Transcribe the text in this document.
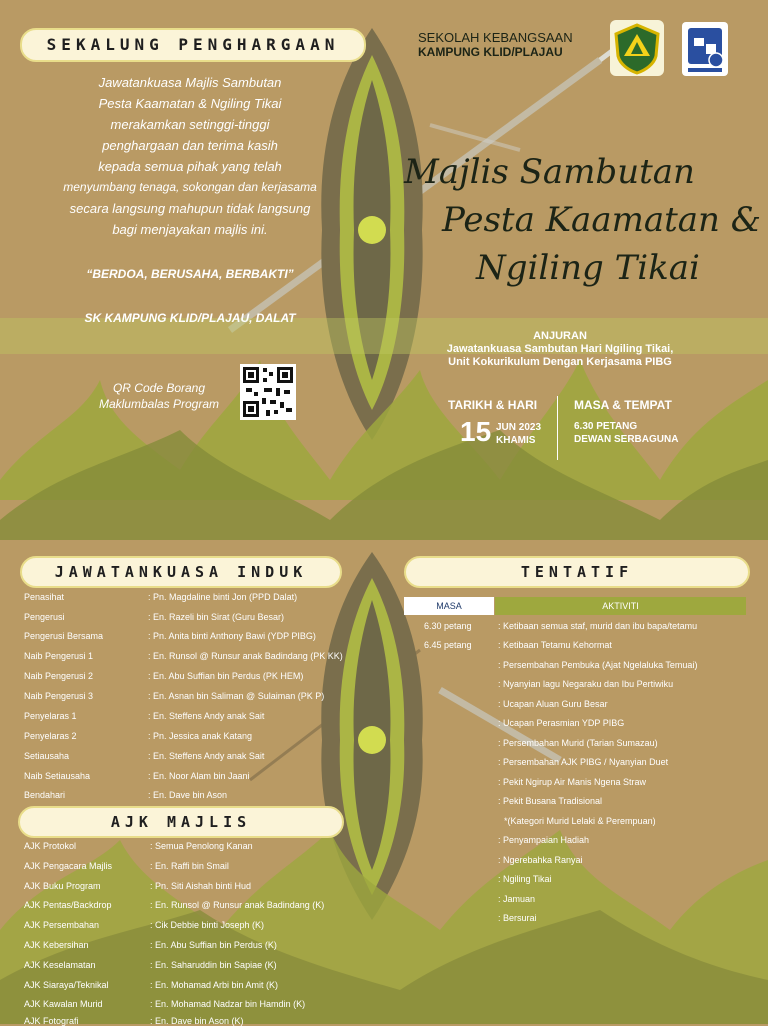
SEKALUNG PENGHARGAAN	SEKOLAH KEBANGSAAN
KAMPUNG KLID/PLAJAU
Jawatankuasa Majlis Sambutan
Pesta Kaamatan & Ngiling Tikai
merakamkan setinggi-tinggi
penghargaan dan terima kasih
kepada semua pihak yang telah
menyumbang tenaga, sokongan dan kerjasama
secara langsung mahupun tidak langsung
bagi menjayakan majlis ini.
“BERDOA, BERUSAHA, BERBAKTI”
SK KAMPUNG KLID/PLAJAU, DALAT
Majlis Sambutan
Pesta Kaamatan &
Ngiling Tikai
ANJURAN
Jawatankuasa Sambutan Hari Ngiling Tikai,
Unit Kokurikulum Dengan Kerjasama PIBG
QR Code Borang
Maklumbalas Program	TARIKH & HARI
15 JUN 2023
KHAMIS
MASA & TEMPAT
6.30 PETANG
DEWAN SERBAGUNA
JAWATANKUASA INDUK
Penasihat	: Pn. Magdaline binti Jon (PPD Dalat)
Pengerusi	: En. Razeli bin Sirat (Guru Besar)
Pengerusi Bersama	: Pn. Anita binti Anthony Bawi (YDP PIBG)
Naib Pengerusi 1	: En. Runsol @ Runsur anak Badindang (PK KK)
Naib Pengerusi 2	: En. Abu Suffian bin Perdus (PK HEM)
Naib Pengerusi 3	: En. Asnan bin Saliman @ Sulaiman (PK P)
Penyelaras 1	: En. Steffens Andy anak Sait
Penyelaras 2	: Pn. Jessica anak Katang
Setiausaha	: En. Steffens Andy anak Sait
Naib Setiausaha	: En. Noor Alam bin Jaani
Bendahari	: En. Dave bin Ason
AJK MAJLIS
AJK Protokol	: Semua Penolong Kanan
AJK Pengacara Majlis	: En. Raffi bin Smail
AJK Buku Program	: Pn. Siti Aishah binti Hud
AJK Pentas/Backdrop	: En. Runsol @ Runsur anak Badindang (K)
AJK Persembahan	: Cik Debbie binti Joseph (K)
AJK Kebersihan	: En. Abu Suffian bin Perdus (K)
AJK Keselamatan	: En. Saharuddin bin Sapiae (K)
AJK Siaraya/Teknikal	: En. Mohamad Arbi bin Amit (K)
AJK Kawalan Murid	: En. Mohamad Nadzar bin Hamdin (K)
AJK Fotografi	: En. Dave bin Ason (K)
TENTATIF
MASA	AKTIVITI
6.30 petang	: Ketibaan semua staf, murid dan ibu bapa/tetamu
6.45 petang	: Ketibaan Tetamu Kehormat
: Persembahan Pembuka (Ajat Ngelaluka Temuai)
: Nyanyian lagu Negaraku dan Ibu Pertiwiku
: Ucapan Aluan Guru Besar
: Ucapan Perasmian YDP PIBG
: Persembahan Murid (Tarian Sumazau)
: Persembahan AJK PIBG / Nyanyian Duet
: Pekit Ngirup Air Manis Ngena Straw
: Pekit Busana Tradisional
*(Kategori Murid Lelaki & Perempuan)
: Penyampaian Hadiah
: Ngerebahka Ranyai
: Ngiling Tikai
: Jamuan
: Bersurai
